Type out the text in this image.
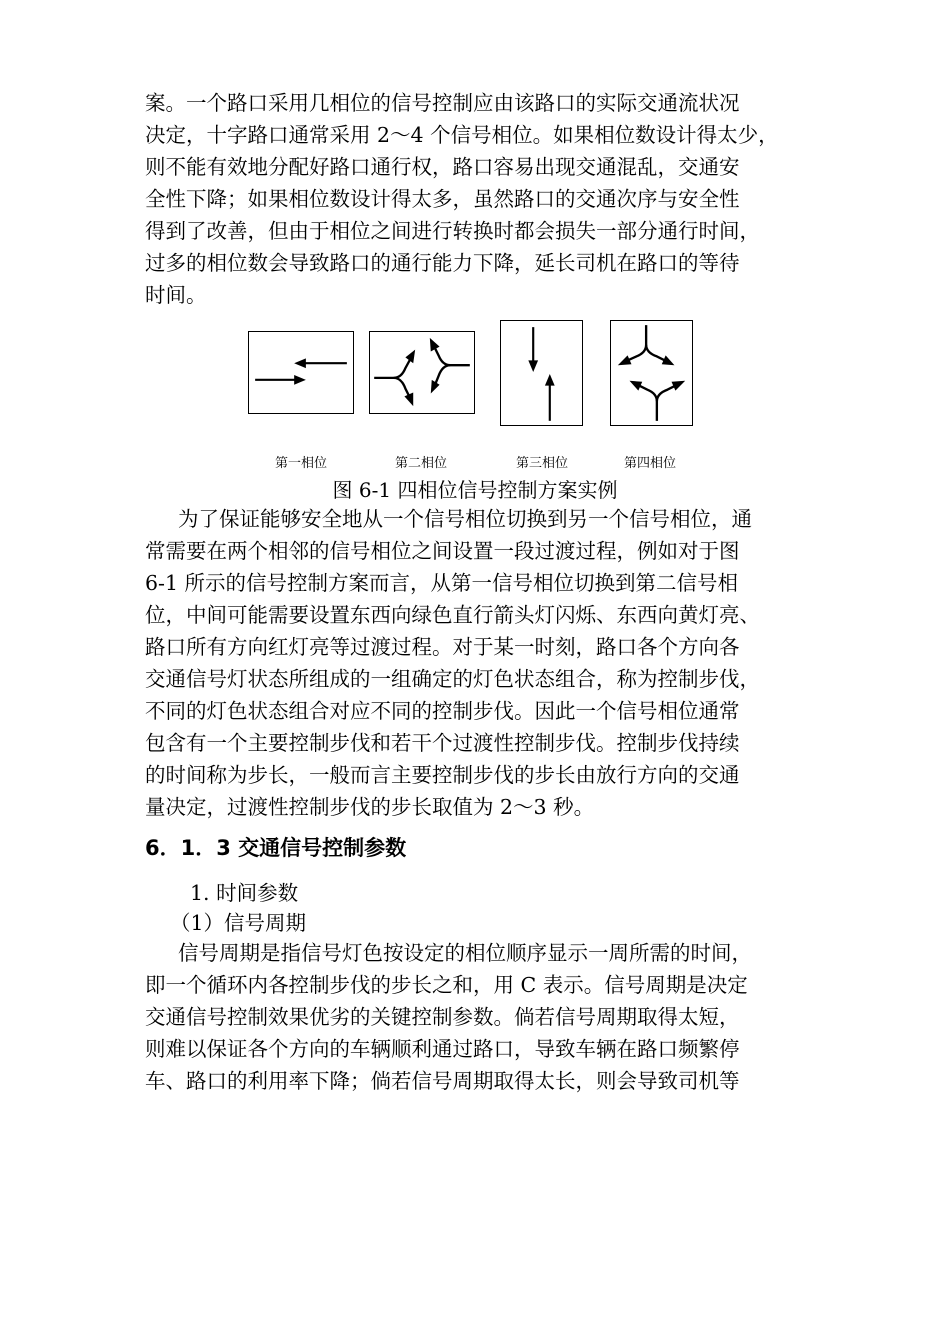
案。一个路口采用几相位的信号控制应由该路口的实际交通流状况
决定，十字路口通常采用 2～4 个信号相位。如果相位数设计得太少，
则不能有效地分配好路口通行权，路口容易出现交通混乱，交通安
全性下降；如果相位数设计得太多，虽然路口的交通次序与安全性
得到了改善，但由于相位之间进行转换时都会损失一部分通行时间，
过多的相位数会导致路口的通行能力下降，延长司机在路口的等待
时间。
第一相位	第二相位	第三相位	第四相位
图 6-1 四相位信号控制方案实例
为了保证能够安全地从一个信号相位切换到另一个信号相位，通
常需要在两个相邻的信号相位之间设置一段过渡过程，例如对于图
6-1 所示的信号控制方案而言，从第一信号相位切换到第二信号相
位，中间可能需要设置东西向绿色直行箭头灯闪烁、东西向黄灯亮、
路口所有方向红灯亮等过渡过程。对于某一时刻，路口各个方向各
交通信号灯状态所组成的一组确定的灯色状态组合，称为控制步伐，
不同的灯色状态组合对应不同的控制步伐。因此一个信号相位通常
包含有一个主要控制步伐和若干个过渡性控制步伐。控制步伐持续
的时间称为步长，一般而言主要控制步伐的步长由放行方向的交通
量决定，过渡性控制步伐的步长取值为 2～3 秒。
6．1．3 交通信号控制参数
1. 时间参数
（1）信号周期
信号周期是指信号灯色按设定的相位顺序显示一周所需的时间，
即一个循环内各控制步伐的步长之和，用 C 表示。信号周期是决定
交通信号控制效果优劣的关键控制参数。倘若信号周期取得太短，
则难以保证各个方向的车辆顺利通过路口，导致车辆在路口频繁停
车、路口的利用率下降；倘若信号周期取得太长，则会导致司机等
